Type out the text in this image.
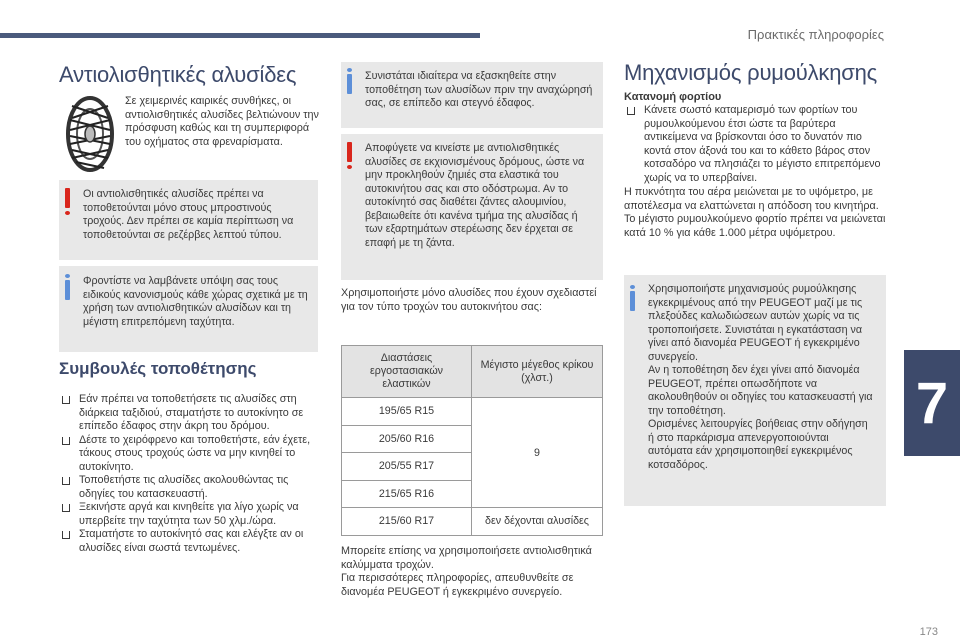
Πρακτικές πληροφορίες
Αντιολισθητικές αλυσίδες
Σε χειμερινές καιρικές συνθήκες, οι αντιολισθητικές αλυσίδες βελτιώνουν την πρόσφυση καθώς και τη συμπεριφορά του οχήματος στα φρεναρίσματα.
Οι αντιολισθητικές αλυσίδες πρέπει να τοποθετούνται μόνο στους μπροστινούς τροχούς. Δεν πρέπει σε καμία περίπτωση να τοποθετούνται σε ρεζέρβες λεπτού τύπου.
Φροντίστε να λαμβάνετε υπόψη σας τους ειδικούς κανονισμούς κάθε χώρας σχετικά με τη χρήση των αντιολισθητικών αλυσίδων και τη μέγιστη επιτρεπόμενη ταχύτητα.
Συμβουλές τοποθέτησης
Εάν πρέπει να τοποθετήσετε τις αλυσίδες στη διάρκεια ταξιδιού, σταματήστε το αυτοκίνητο σε επίπεδο έδαφος στην άκρη του δρόμου.
Δέστε το χειρόφρενο και τοποθετήστε, εάν έχετε, τάκους στους τροχούς ώστε να μην κινηθεί το αυτοκίνητο.
Τοποθετήστε τις αλυσίδες ακολουθώντας τις οδηγίες του κατασκευαστή.
Ξεκινήστε αργά και κινηθείτε για λίγο χωρίς να υπερβείτε την ταχύτητα των 50 χλμ./ώρα.
Σταματήστε το αυτοκίνητό σας και ελέγξτε αν οι αλυσίδες είναι σωστά τεντωμένες.
Συνιστάται ιδιαίτερα να εξασκηθείτε στην τοποθέτηση των αλυσίδων πριν την αναχώρησή σας, σε επίπεδο και στεγνό έδαφος.
Αποφύγετε να κινείστε με αντιολισθητικές αλυσίδες σε εκχιονισμένους δρόμους, ώστε να μην προκληθούν ζημιές στα ελαστικά του αυτοκινήτου σας και στο οδόστρωμα. Αν το αυτοκίνητό σας διαθέτει ζάντες αλουμινίου, βεβαιωθείτε ότι κανένα τμήμα της αλυσίδας ή των εξαρτημάτων στερέωσης δεν έρχεται σε επαφή με τη ζάντα.
Χρησιμοποιήστε μόνο αλυσίδες που έχουν σχεδιαστεί για τον τύπο τροχών του αυτοκινήτου σας:
Διαστάσεις εργοστασιακών ελαστικών	Μέγιστο μέγεθος κρίκου (χλστ.)
195/65 R15	9
205/60 R16	
205/55 R17	
215/65 R16	
215/60 R17	δεν δέχονται αλυσίδες
Μπορείτε επίσης να χρησιμοποιήσετε αντιολισθητικά καλύμματα τροχών.
Για περισσότερες πληροφορίες, απευθυνθείτε σε διανομέα PEUGEOT ή εγκεκριμένο συνεργείο.
Μηχανισμός ρυμούλκησης
Κατανομή φορτίου
Κάνετε σωστό καταμερισμό των φορτίων του ρυμουλκούμενου έτσι ώστε τα βαρύτερα αντικείμενα να βρίσκονται όσο το δυνατόν πιο κοντά στον άξονά του και το κάθετο βάρος στον κοτσαδόρο να πλησιάζει το μέγιστο επιτρεπόμενο χωρίς να το υπερβαίνει.
Η πυκνότητα του αέρα μειώνεται με το υψόμετρο, με αποτέλεσμα να ελαττώνεται η απόδοση του κινητήρα. Το μέγιστο ρυμουλκούμενο φορτίο πρέπει να μειώνεται κατά 10 % για κάθε 1.000 μέτρα υψόμετρου.
Χρησιμοποιήστε μηχανισμούς ρυμούλκησης εγκεκριμένους από την PEUGEOT μαζί με τις πλεξούδες καλωδιώσεων αυτών χωρίς να τις τροποποιήσετε. Συνιστάται η εγκατάσταση να γίνει από διανομέα PEUGEOT ή εγκεκριμένο συνεργείο.
Αν η τοποθέτηση δεν έχει γίνει από διανομέα PEUGEOT, πρέπει οπωσδήποτε να ακολουθηθούν οι οδηγίες του κατασκευαστή για την τοποθέτηση.
Ορισμένες λειτουργίες βοήθειας στην οδήγηση ή στο παρκάρισμα απενεργοποιούνται αυτόματα εάν χρησιμοποιηθεί εγκεκριμένος κοτσαδόρος.
7
173
